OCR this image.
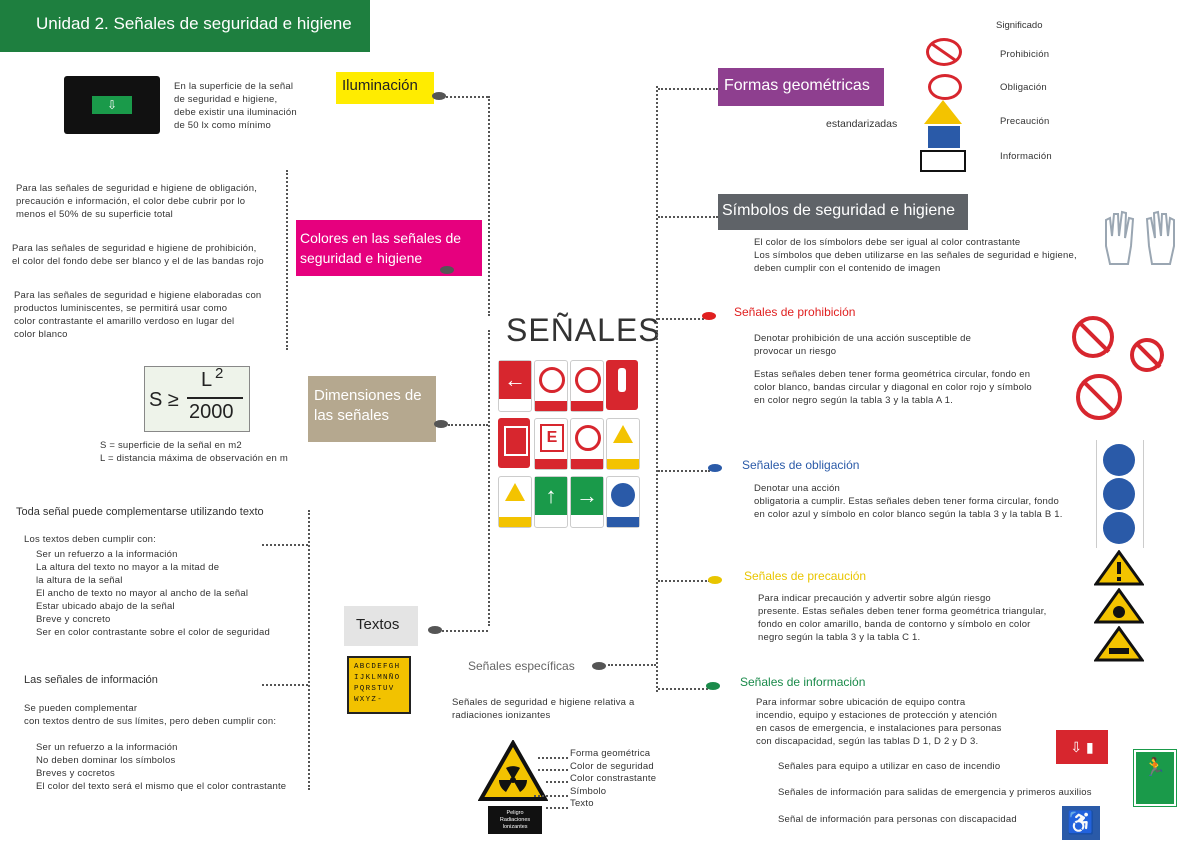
Unidad 2. Señales de seguridad e higiene
SEÑALES
←
E
↑ →
⇩
En la superficie de la señal
de seguridad e higiene,
debe existir una iluminación
de 50 lx como mínimo
Iluminación
Colores en las señales de seguridad e higiene
Para las señales de seguridad e higiene de obligación,
precaución e información, el color debe cubrir por lo
menos el 50% de su superficie total
Para las señales de seguridad e higiene de prohibición,
el color del fondo debe ser blanco y el de las bandas rojo
Para las señales de seguridad e higiene elaboradas con
productos luminiscentes, se permitirá usar como
color contrastante el amarillo verdoso en lugar del
color blanco
S ≥
L 2
2000
S = superficie de la señal en m2
L = distancia máxima de observación en m
Dimensiones de las señales
Toda señal puede complementarse utilizando texto
Los textos deben cumplir con:
Ser un refuerzo a la información
La altura del texto no mayor a la mitad de
la altura de la señal
El ancho de texto no mayor al ancho de la señal
Estar ubicado abajo de la señal
Breve y concreto
Ser en color contrastante sobre el color de seguridad
Las señales de información
Se pueden complementar
con textos dentro de sus límites, pero deben cumplir con:
Ser un refuerzo a la información
No deben dominar los símbolos
Breves y cocretos
El color del texto será el mismo que el color contrastante
Textos
ABCDEFGH
IJKLMNÑO
PQRSTUV
WXYZ-
Señales específicas
Señales de seguridad e higiene relativa a
radiaciones ionizantes
Peligro
Radiaciones
Ionizantes
Forma geométrica
Color de seguridad
Color constrastante
Símbolo
Texto
Formas geométricas
estandarizadas
Significado
Prohibición
Obligación
Precaución
Información
Símbolos de seguridad e higiene
El color de los símbolors debe ser igual al color contrastante
Los símbolos que deben utilizarse en las señales de seguridad e higiene,
deben cumplir con el contenido de imagen
Señales de prohibición
Denotar prohibición de una acción susceptible de
provocar un riesgo
Estas señales deben tener forma geométrica circular, fondo en
color blanco, bandas circular y diagonal en color rojo y símbolo
en color negro según la tabla 3 y la tabla A 1.
Señales de obligación
Denotar una acción
obligatoria a cumplir. Estas señales deben tener forma circular, fondo
en color azul y símbolo en color blanco según la tabla 3 y la tabla B 1.
Señales de precaución
Para indicar precaución y advertir sobre algún riesgo
presente. Estas señales deben tener forma geométrica triangular,
fondo en color amarillo, banda de contorno y símbolo en color
negro según la tabla 3 y la tabla C 1.
Señales de información
Para informar sobre ubicación de equipo contra
incendio, equipo y estaciones de protección y atención
en casos de emergencia, e instalaciones para personas
con discapacidad, según las tablas D 1, D 2 y D 3.
Señales para equipo a utilizar en caso de incendio
Señales de información para salidas de emergencia y primeros auxilios
Señal de información para personas con discapacidad
⇩ ▮
🏃
♿
